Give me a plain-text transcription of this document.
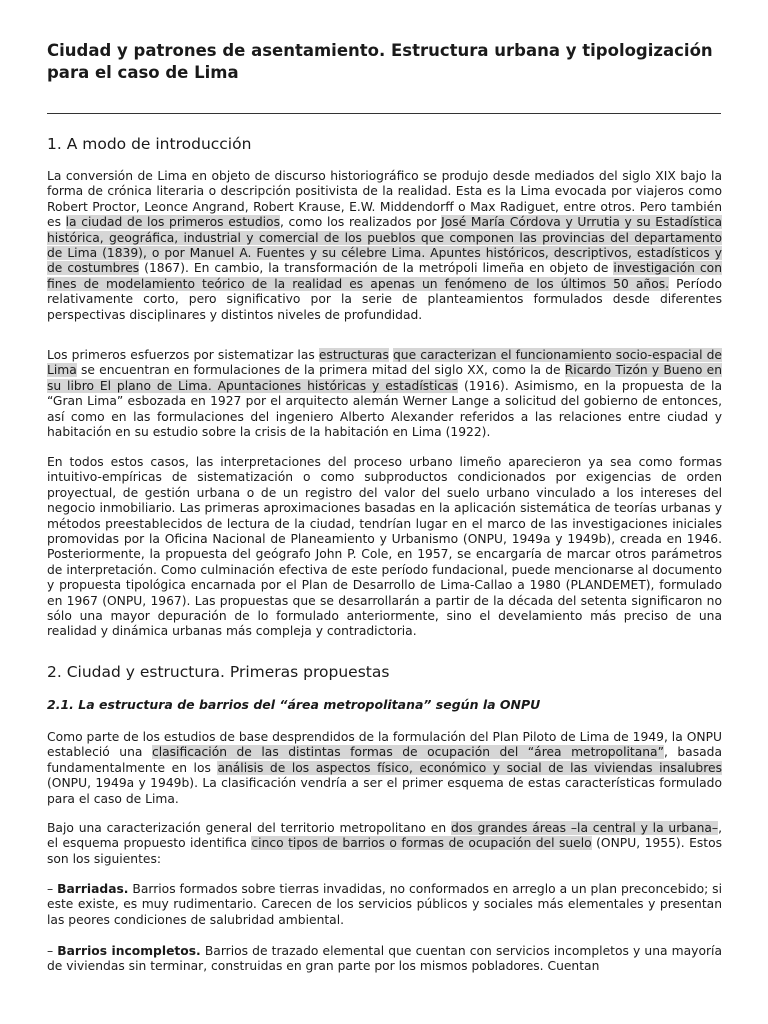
Ciudad y patrones de asentamiento. Estructura urbana y tipologización para el caso de Lima
1. A modo de introducción

La conversión de Lima en objeto de discurso historiográfico se produjo desde mediados del siglo XIX bajo la forma de crónica literaria o descripción positivista de la realidad. Esta es la Lima evocada por viajeros como Robert Proctor, Leonce Angrand, Robert Krause, E.W. Middendorff o Max Radiguet, entre otros. Pero también es la ciudad de los primeros estudios, como los realizados por José María Córdova y Urrutia y su Estadística histórica, geográfica, industrial y comercial de los pueblos que componen las provincias del departamento de Lima (1839), o por Manuel A. Fuentes y su célebre Lima. Apuntes históricos, descriptivos, estadísticos y de costumbres (1867). En cambio, la transformación de la metrópoli limeña en objeto de investigación con fines de modelamiento teórico de la realidad es apenas un fenómeno de los últimos 50 años. Período relativamente corto, pero significativo por la serie de planteamientos formulados desde diferentes perspectivas disciplinares y distintos niveles de profundidad.

Los primeros esfuerzos por sistematizar las estructuras que caracterizan el funcionamiento socio-espacial de Lima se encuentran en formulaciones de la primera mitad del siglo XX, como la de Ricardo Tizón y Bueno en su libro El plano de Lima. Apuntaciones históricas y estadísticas (1916). Asimismo, en la propuesta de la “Gran Lima” esbozada en 1927 por el arquitecto alemán Werner Lange a solicitud del gobierno de entonces, así como en las formulaciones del ingeniero Alberto Alexander referidos a las relaciones entre ciudad y habitación en su estudio sobre la crisis de la habitación en Lima (1922).

En todos estos casos, las interpretaciones del proceso urbano limeño aparecieron ya sea como formas intuitivo-empíricas de sistematización o como subproductos condicionados por exigencias de orden proyectual, de gestión urbana o de un registro del valor del suelo urbano vinculado a los intereses del negocio inmobiliario. Las primeras aproximaciones basadas en la aplicación sistemática de teorías urbanas y métodos preestablecidos de lectura de la ciudad, tendrían lugar en el marco de las investigaciones iniciales promovidas por la Oficina Nacional de Planeamiento y Urbanismo (ONPU, 1949a y 1949b), creada en 1946. Posteriormente, la propuesta del geógrafo John P. Cole, en 1957, se encargaría de marcar otros parámetros de interpretación. Como culminación efectiva de este período fundacional, puede mencionarse al documento y propuesta tipológica encarnada por el Plan de Desarrollo de Lima-Callao a 1980 (PLANDEMET), formulado en 1967 (ONPU, 1967). Las propuestas que se desarrollarán a partir de la década del setenta significaron no sólo una mayor depuración de lo formulado anteriormente, sino el develamiento más preciso de una realidad y dinámica urbanas más compleja y contradictoria.

2. Ciudad y estructura. Primeras propuestas
2.1. La estructura de barrios del “área metropolitana” según la ONPU

Como parte de los estudios de base desprendidos de la formulación del Plan Piloto de Lima de 1949, la ONPU estableció una clasificación de las distintas formas de ocupación del “área metropolitana”, basada fundamentalmente en los análisis de los aspectos físico, económico y social de las viviendas insalubres (ONPU, 1949a y 1949b). La clasificación vendría a ser el primer esquema de estas características formulado para el caso de Lima.

Bajo una caracterización general del territorio metropolitano en dos grandes áreas –la central y la urbana–, el esquema propuesto identifica cinco tipos de barrios o formas de ocupación del suelo (ONPU, 1955). Estos son los siguientes:

– Barriadas. Barrios formados sobre tierras invadidas, no conformados en arreglo a un plan preconcebido; si este existe, es muy rudimentario. Carecen de los servicios públicos y sociales más elementales y presentan las peores condiciones de salubridad ambiental.

– Barrios incompletos. Barrios de trazado elemental que cuentan con servicios incompletos y una mayoría de viviendas sin terminar, construidas en gran parte por los mismos pobladores. Cuentan
